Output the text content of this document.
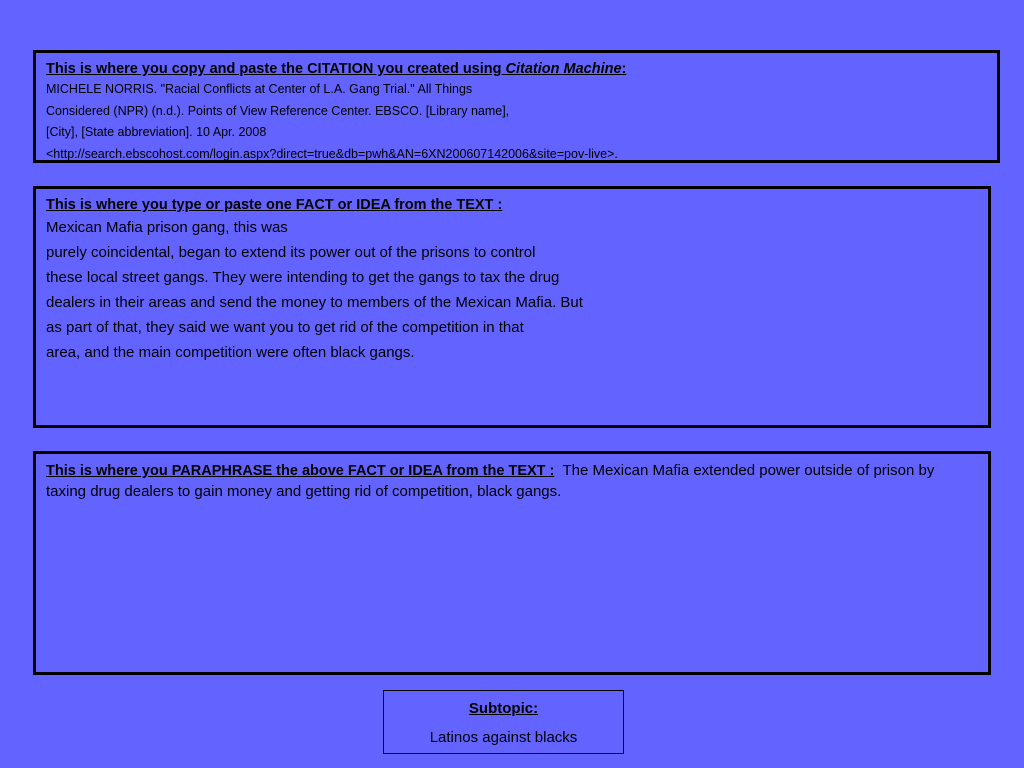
This is where you copy and paste the CITATION you created using Citation Machine:
MICHELE NORRIS. "Racial Conflicts at Center of L.A. Gang Trial." All Things
Considered (NPR) (n.d.). Points of View Reference Center. EBSCO. [Library name],
[City], [State abbreviation]. 10 Apr. 2008
<http://search.ebscohost.com/login.aspx?direct=true&db=pwh&AN=6XN200607142006&site=pov-live>.
This is where you type or paste one FACT or IDEA from the TEXT :
Mexican Mafia prison gang, this was
purely coincidental, began to extend its power out of the prisons to control
these local street gangs. They were intending to get the gangs to tax the drug
dealers in their areas and send the money to members of the Mexican Mafia. But
as part of that, they said we want you to get rid of the competition in that
area, and the main competition were often black gangs.
This is where you PARAPHRASE the above FACT or IDEA from the TEXT : The Mexican Mafia extended power outside of prison by taxing drug dealers to gain money and getting rid of competition, black gangs.
Subtopic:
Latinos against blacks
